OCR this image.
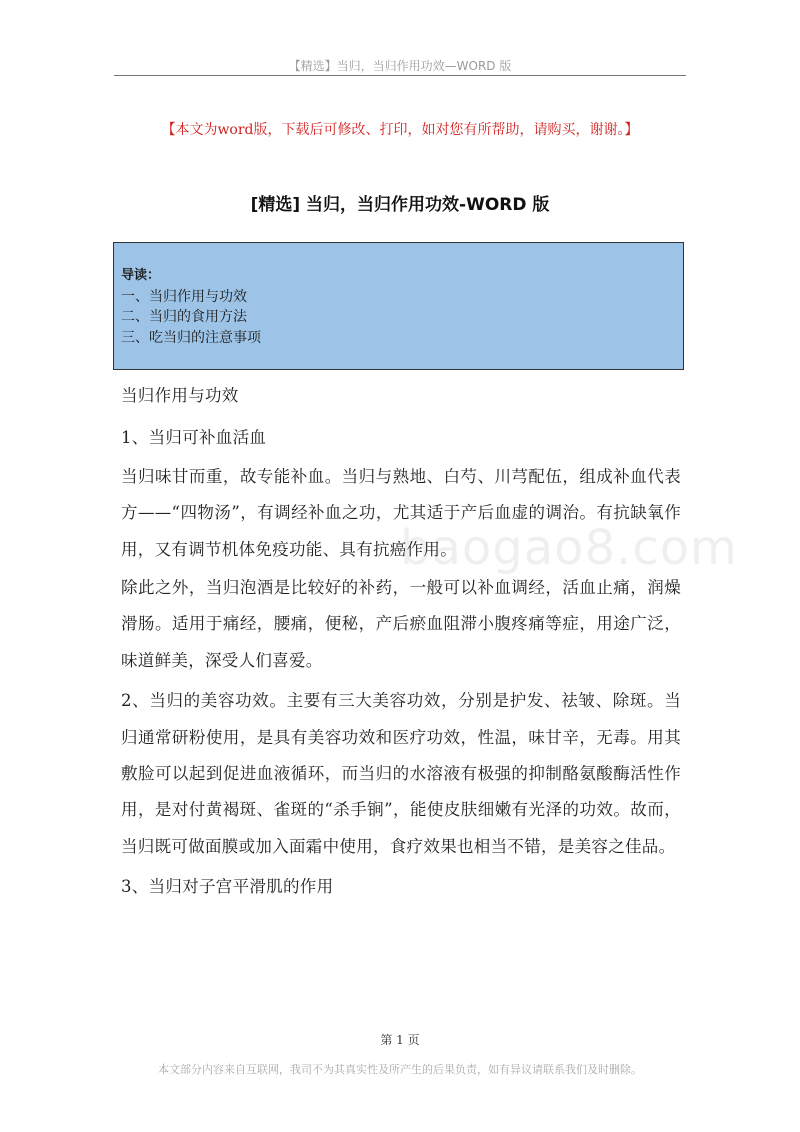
【精选】当归，当归作用功效—WORD 版
【本文为word版，下载后可修改、打印，如对您有所帮助，请购买，谢谢。】
[精选] 当归，当归作用功效-WORD 版
导读：
一、当归作用与功效
二、当归的食用方法
三、吃当归的注意事项

当归作用与功效

1、当归可补血活血

当归味甘而重，故专能补血。当归与熟地、白芍、川芎配伍，组成补血代表方——“四物汤”，有调经补血之功，尤其适于产后血虚的调治。有抗缺氧作用，又有调节机体免疫功能、具有抗癌作用。

除此之外，当归泡酒是比较好的补药，一般可以补血调经，活血止痛，润燥滑肠。适用于痛经，腰痛，便秘，产后瘀血阻滞小腹疼痛等症，用途广泛，味道鲜美，深受人们喜爱。

2、当归的美容功效。主要有三大美容功效，分别是护发、祛皱、除斑。当归通常研粉使用，是具有美容功效和医疗功效，性温，味甘辛，无毒。用其敷脸可以起到促进血液循环，而当归的水溶液有极强的抑制酪氨酸酶活性作用，是对付黄褐斑、雀斑的“杀手锏”，能使皮肤细嫩有光泽的功效。故而，当归既可做面膜或加入面霜中使用，食疗效果也相当不错，是美容之佳品。

3、当归对子宫平滑肌的作用

baogao8.com
第 1 页
本文部分内容来自互联网，我司不为其真实性及所产生的后果负责，如有异议请联系我们及时删除。
